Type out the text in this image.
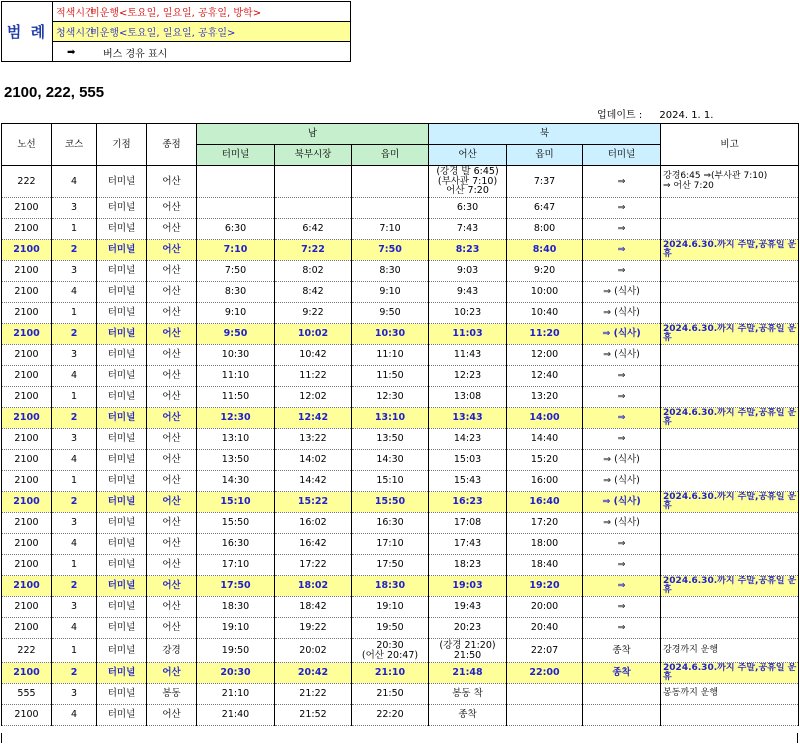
범 례
적색시간
미운행<토요일, 일요일, 공휴일, 방학>
청색시간
미운행<토요일, 일요일, 공휴일>
➡	버스 경유 표시
2100, 222, 555
업데이트 : 2024. 1. 1.
노선	코스	기점	종점	남			북			비고
				터미널	북부시장	읍미	어산	읍미	터미널	

222	4	터미널	어산				(강경 발 6:45)
(부사관 7:10)
어산 7:20	7:37	⇒	강경6:45 ⇒(부사관 7:10)
⇒ 어산 7:20

2100	3	터미널	어산				6:30	6:47	⇒	

2100	1	터미널	어산	6:30	6:42	7:10	7:43	8:00	⇒	

2100	2	터미널	어산	7:10	7:22	7:50	8:23	8:40	⇒	2024.6.30.까지 주말,공휴일 운휴

2100	3	터미널	어산	7:50	8:02	8:30	9:03	9:20	⇒	

2100	4	터미널	어산	8:30	8:42	9:10	9:43	10:00	⇒ (식사)	

2100	1	터미널	어산	9:10	9:22	9:50	10:23	10:40	⇒ (식사)	

2100	2	터미널	어산	9:50	10:02	10:30	11:03	11:20	⇒ (식사)	2024.6.30.까지 주말,공휴일 운휴

2100	3	터미널	어산	10:30	10:42	11:10	11:43	12:00	⇒ (식사)	

2100	4	터미널	어산	11:10	11:22	11:50	12:23	12:40	⇒	

2100	1	터미널	어산	11:50	12:02	12:30	13:08	13:20	⇒	

2100	2	터미널	어산	12:30	12:42	13:10	13:43	14:00	⇒	2024.6.30.까지 주말,공휴일 운휴

2100	3	터미널	어산	13:10	13:22	13:50	14:23	14:40	⇒	

2100	4	터미널	어산	13:50	14:02	14:30	15:03	15:20	⇒ (식사)	

2100	1	터미널	어산	14:30	14:42	15:10	15:43	16:00	⇒ (식사)	

2100	2	터미널	어산	15:10	15:22	15:50	16:23	16:40	⇒ (식사)	2024.6.30.까지 주말,공휴일 운휴

2100	3	터미널	어산	15:50	16:02	16:30	17:08	17:20	⇒ (식사)	

2100	4	터미널	어산	16:30	16:42	17:10	17:43	18:00	⇒	

2100	1	터미널	어산	17:10	17:22	17:50	18:23	18:40	⇒	

2100	2	터미널	어산	17:50	18:02	18:30	19:03	19:20	⇒	2024.6.30.까지 주말,공휴일 운휴

2100	3	터미널	어산	18:30	18:42	19:10	19:43	20:00	⇒	

2100	4	터미널	어산	19:10	19:22	19:50	20:23	20:40	⇒	

222	1	터미널	강경	19:50	20:02	20:30
(어산 20:47)	(강경 21:20)
21:50	22:07	종착	강경까지 운행

2100	2	터미널	어산	20:30	20:42	21:10	21:48	22:00	종착	2024.6.30.까지 주말,공휴일 운휴

555	3	터미널	봉동	21:10	21:22	21:50	봉동 착			봉동까지 운행

2100	4	터미널	어산	21:40	21:52	22:20	종착			
